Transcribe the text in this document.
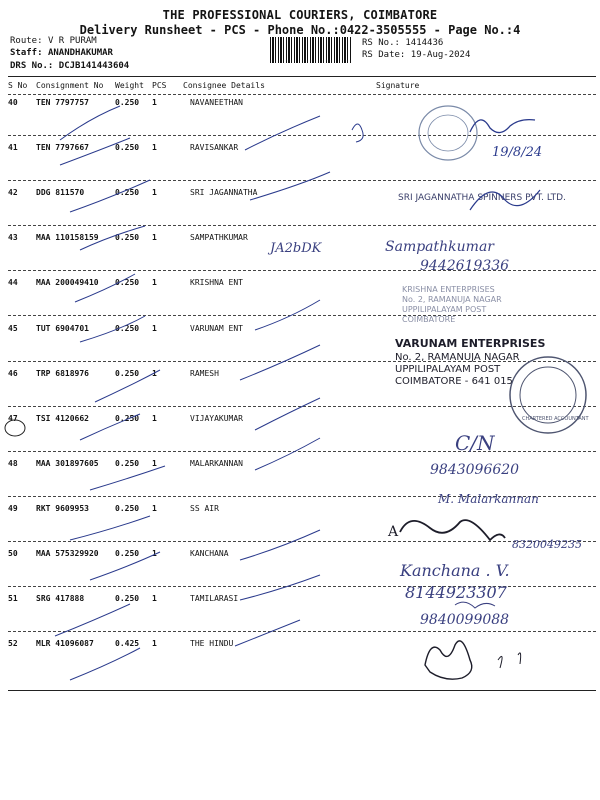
THE PROFESSIONAL COURIERS, COIMBATORE
Delivery Runsheet - PCS - Phone No.:0422-3505555 - Page No.:4
Route: V R PURAM
Staff: ANANDHAKUMAR
DRS No.: DCJB141443604
RS No.: 1414436
RS Date: 19-Aug-2024
S No Consignment No Weight PCS Consignee Details	Signature
40 TEN 7797757	0.250 1	NAVANEETHAN
41 TEN 7797667	0.250 1	RAVISANKAR
42 DDG 811570	0.250 1	SRI JAGANNATHA
43 MAA 110158159 0.250 1	SAMPATHKUMAR
44 MAA 200049410 0.250 1	KRISHNA ENT
45 TUT 6904701	0.250 1	VARUNAM ENT
46 TRP 6818976	0.250 1	RAMESH
47 TSI 4120662	0.250 1	VIJAYAKUMAR
48 MAA 301897605 0.250 1	MALARKANNAN
49 RKT 9609953	0.250 1	SS AIR
50 MAA 575329920 0.250 1	KANCHANA
51 SRG 417888	0.250 1	TAMILARASI
52 MLR 41096087	0.425 1	THE HINDU
19/8/24
SRI JAGANNATHA SPINNERS PVT. LTD.
JA2bDK	Sampathkumar
9442619336
KRISHNA ENTERPRISES
No. 2, RAMANUJA NAGAR
UPPILIPALAYAM POST
COIMBATORE
VARUNAM ENTERPRISES
No. 2, RAMANUJA NAGAR
UPPILIPALAYAM POST
COIMBATORE - 641 015
CHARTERED ACCOUNTANT
C/N
9843096620
M. Malarkannan
A
8320049235
Kanchana . V.
8144923307
9840099088
